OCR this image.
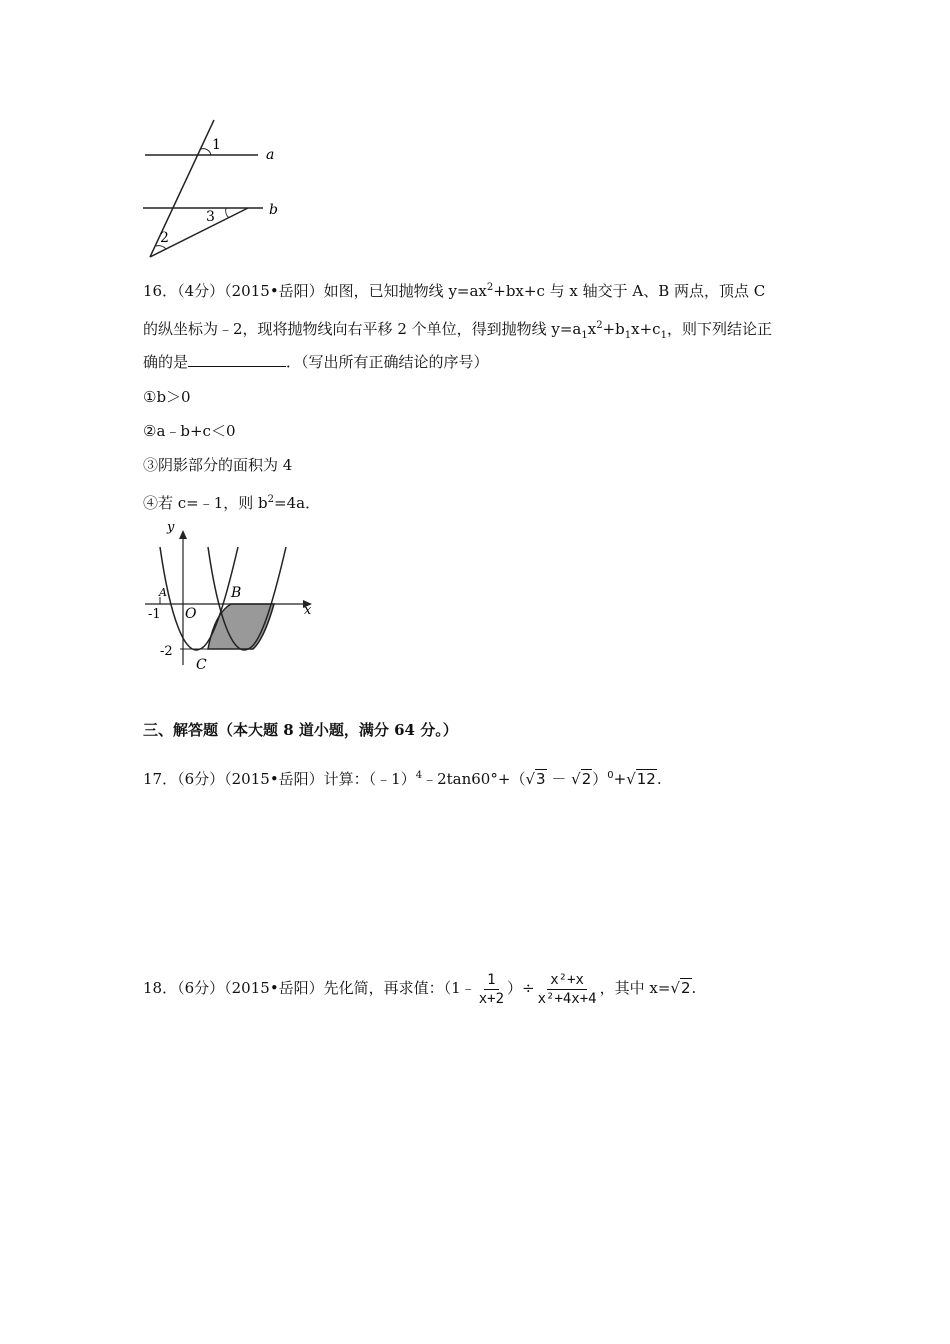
1
2
3
a
b
16．（4分）（2015•岳阳）如图，已知抛物线 $y=ax^2+bx+c$ 与 x 轴交于 A、B 两点，顶点 C
的纵坐标为﹣2，现将抛物线向右平移 2 个单位，得到抛物线 $y=a_1x^2+b_1x+c_1$，则下列结论正
确的是	．（写出所有正确结论的序号）
①b＞0
②a﹣b+c＜0
③阴影部分的面积为 4
④若 c=﹣1，则 $b^2=4a$．
y
x
A	B
O
C
-1
-2
三、解答题（本大题 8 道小题，满分 64 分。）
17．（6分）（2015•岳阳）计算：（﹣1）$^4$﹣2tan60°+（√3 － √2）$^0$+√12.
18．（6分）（2015•岳阳）先化简，再求值：（1﹣ $\frac{1}{x+2}$ ）÷ $\frac{\text{x²+x}}{\text{x²+4x+4}}$ ，其中 x=√2.
